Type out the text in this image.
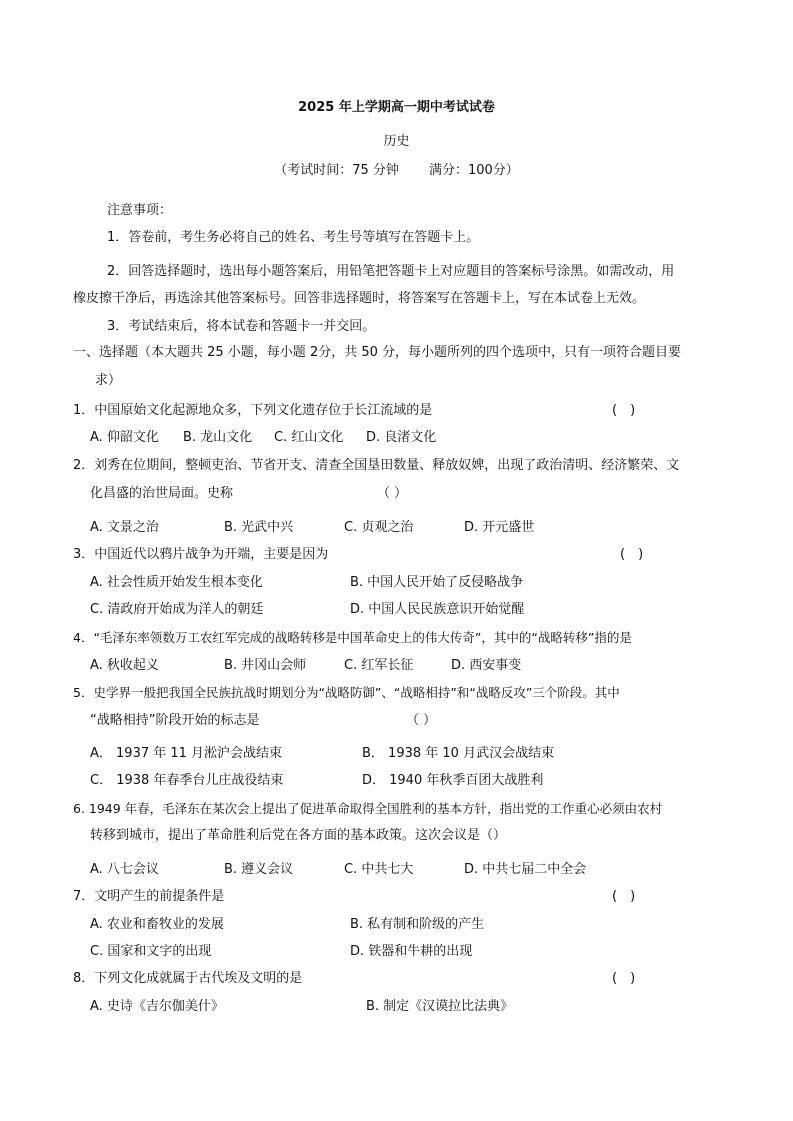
2025 年上学期高一期中考试试卷
历史
（考试时间：75 分钟　　 满分：100分）
注意事项：
1．答卷前，考生务必将自己的姓名、考生号等填写在答题卡上。
2．回答选择题时，选出每小题答案后，用铅笔把答题卡上对应题目的答案标号涂黑。如需改动，用
橡皮擦干净后，再选涂其他答案标号。回答非选择题时，将答案写在答题卡上，写在本试卷上无效。
3．考试结束后，将本试卷和答题卡一并交回。
一、选择题（本大题共 25 小题，每小题 2分，共 50 分，每小题所列的四个选项中，只有一项符合题目要
求）
1．中国原始文化起源地众多，下列文化遗存位于长江流域的是	(　)
A. 仰韶文化 B. 龙山文化 C. 红山文化 D. 良渚文化
2．刘秀在位期间，整顿吏治、节省开支、清查全国垦田数量、释放奴婢，出现了政治清明、经济繁荣、文
化昌盛的治世局面。史称	（ ）
A. 文景之治	B. 光武中兴	C. 贞观之治	D. 开元盛世
3．中国近代以鸦片战争为开端，主要是因为	(　)
A. 社会性质开始发生根本变化	B. 中国人民开始了反侵略战争
C. 清政府开始成为洋人的朝廷	D. 中国人民民族意识开始觉醒
4．“毛泽东率领数万工农红军完成的战略转移是中国革命史上的伟大传奇”，其中的“战略转移”指的是
A. 秋收起义	B. 井冈山会师	C. 红军长征	D. 西安事变
5．史学界一般把我国全民族抗战时期划分为“战略防御”、“战略相持”和“战略反攻”三个阶段。其中
“战略相持”阶段开始的标志是	（ ）
A． 1937 年 11 月淞沪会战结束	B． 1938 年 10 月武汉会战结束
C． 1938 年春季台儿庄战役结束	D． 1940 年秋季百团大战胜利
6. 1949 年春，毛泽东在某次会上提出了促进革命取得全国胜利的基本方针，指出党的工作重心必须由农村
转移到城市，提出了革命胜利后党在各方面的基本政策。这次会议是（）
A. 八七会议	B. 遵义会议	C. 中共七大	D. 中共七届二中全会
7．文明产生的前提条件是	(　)
A. 农业和畜牧业的发展	B. 私有制和阶级的产生
C. 国家和文字的出现	D. 铁器和牛耕的出现
8．下列文化成就属于古代埃及文明的是	(　)
A. 史诗《吉尔伽美什》	B. 制定《汉谟拉比法典》
